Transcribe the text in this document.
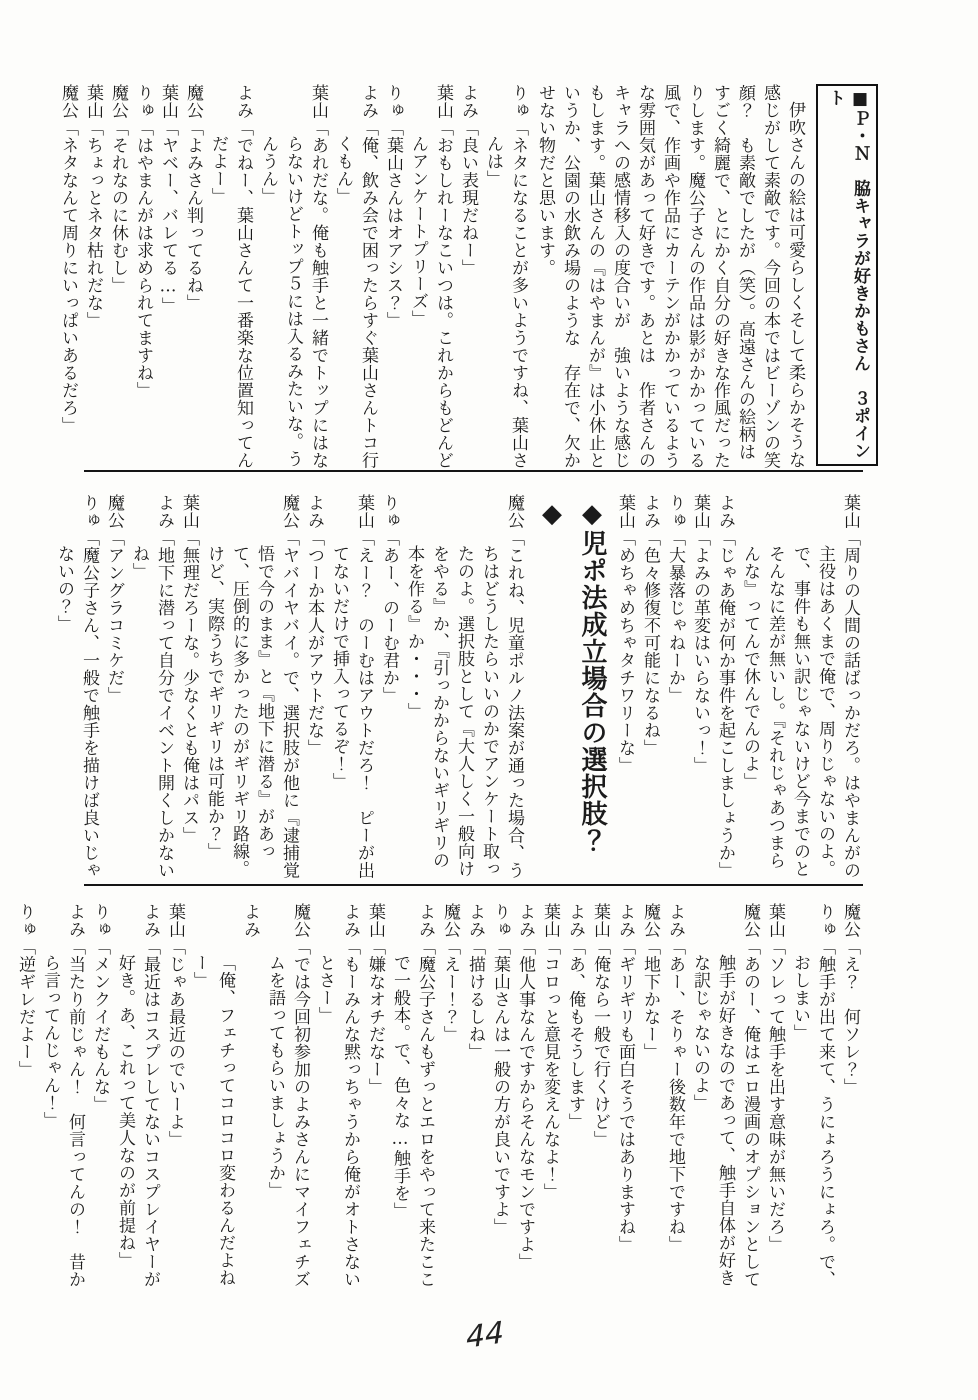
■Ｐ・Ｎ　脇キャラが好きかもさん　３ポイント
伊吹さんの絵は可愛らしくそして柔らかそうな感じがして素敵です。今回の本ではビーゾンの笑顔？　も素敵でしたが（笑）。高遠さんの絵柄はすごく綺麗で、とにかく自分の好きな作風だったりします。魔公子さんの作品は影がかかっている風で、作画や作品にカーテンがかかっているような雰囲気があって好きです。あとは　作者さんのキャラへの感情移入の度合いが　強いような感じもします。葉山さんの『はやまんが』は小休止というか、公園の水飲み場のような　存在で、欠かせない物だと思います。
りゅ「ネタになることが多いようですね、葉山さんは」
よみ「良い表現だねー」
葉山「おもしれーなこいつは。これからもどんどんアンケートプリーズ」
りゅ「葉山さんはオアシス？」
よみ「俺、飲み会で困ったらすぐ葉山さんトコ行くもん」
葉山「あれだな。俺も触手と一緒でトップにはならないけどトップ５には入るみたいな。うんうん」
よみ「でねー、葉山さんて一番楽な位置知ってんだよー」
魔公「よみさん判ってるね」
葉山「ヤベー、バレてる…」
りゅ「はやまんがは求められてますね」
魔公「それなのに休むし」
葉山「ちょっとネタ枯れだな」
魔公「ネタなんて周りにいっぱいあるだろ」
葉山「周りの人間の話ばっかだろ。はやまんがの主役はあくまで俺で、周りじゃないのよ。で、事件も無い訳じゃないけど今までのとそんなに差が無いし。『それじゃあつまらんな』ってんで休んでんのよ」
よみ「じゃあ俺が何か事件を起こしましょうか」
葉山「よみの革変はいらないっ！」
りゅ「大暴落じゃねーか」
よみ「色々修復不可能になるね」
葉山「めちゃめちゃタチワリーな」
◆児ポ法成立場合の選択肢？◆
魔公「これね、児童ポルノ法案が通った場合、うちはどうしたらいいのかでアンケート取ったのよ。選択肢として『大人しく一般向けをやる』か、『引っかからないギリギリの本を作る』か・・・」
りゅ「あー、のーむ君か」
葉山「えー？　のーむはアウトだろ！　ピーが出てないだけで挿入ってるぞ！」
よみ「つーか本人がアウトだな」
魔公「ヤバイヤバイ。で、選択肢が他に『逮捕覚悟で今のまま』と『地下に潜る』があって、圧倒的に多かったのがギリギリ路線。けど、実際うちでギリギリは可能か？」
葉山「無理だろーな。少なくとも俺はパス」
よみ「地下に潜って自分でイベント開くしかないね」
魔公「アングラコミケだ」
りゅ「魔公子さん、一般で触手を描けば良いじゃないの？」
魔公「え？　何ソレ？」
りゅ「触手が出て来て、うにょろうにょろ。で、おしまい」
葉山「ソレって触手を出す意味が無いだろ」
魔公「あのー、俺はエロ漫画のオプションとして触手が好きなのであって、触手自体が好きな訳じゃないのよ」
よみ「あー、そりゃー後数年で地下ですね」
魔公「地下かなー」
よみ「ギリギリも面白そうではありますね」
葉山「俺なら一般で行くけど」
よみ「あ、俺もそうします」
葉山「コロっと意見を変えんなよ！」
よみ「他人事なんですからそんなモンですよ」
りゅ「葉山さんは一般の方が良いですよ」
よみ「描けるしね」
魔公「えー！？」
よみ「魔公子さんもずっとエロをやって来たここで一般本。で、色々な…触手を」
葉山「嫌なオチだなー」
よみ「もーみんな黙っちゃうから俺がオトさないとさー」
魔公「では今回初参加のよみさんにマイフェチズムを語ってもらいましょうか」
よみ「俺、フェチってコロコロ変わるんだよねー」
葉山「じゃあ最近のでいーよ」
よみ「最近はコスプレしてないコスプレイヤーが好き。あ、これって美人なのが前提ね」
りゅ「メンクイだもんな」
よみ「当たり前じゃん！　何言ってんの！　昔から言ってんじゃん！」
りゅ「逆ギレだよー」
44
